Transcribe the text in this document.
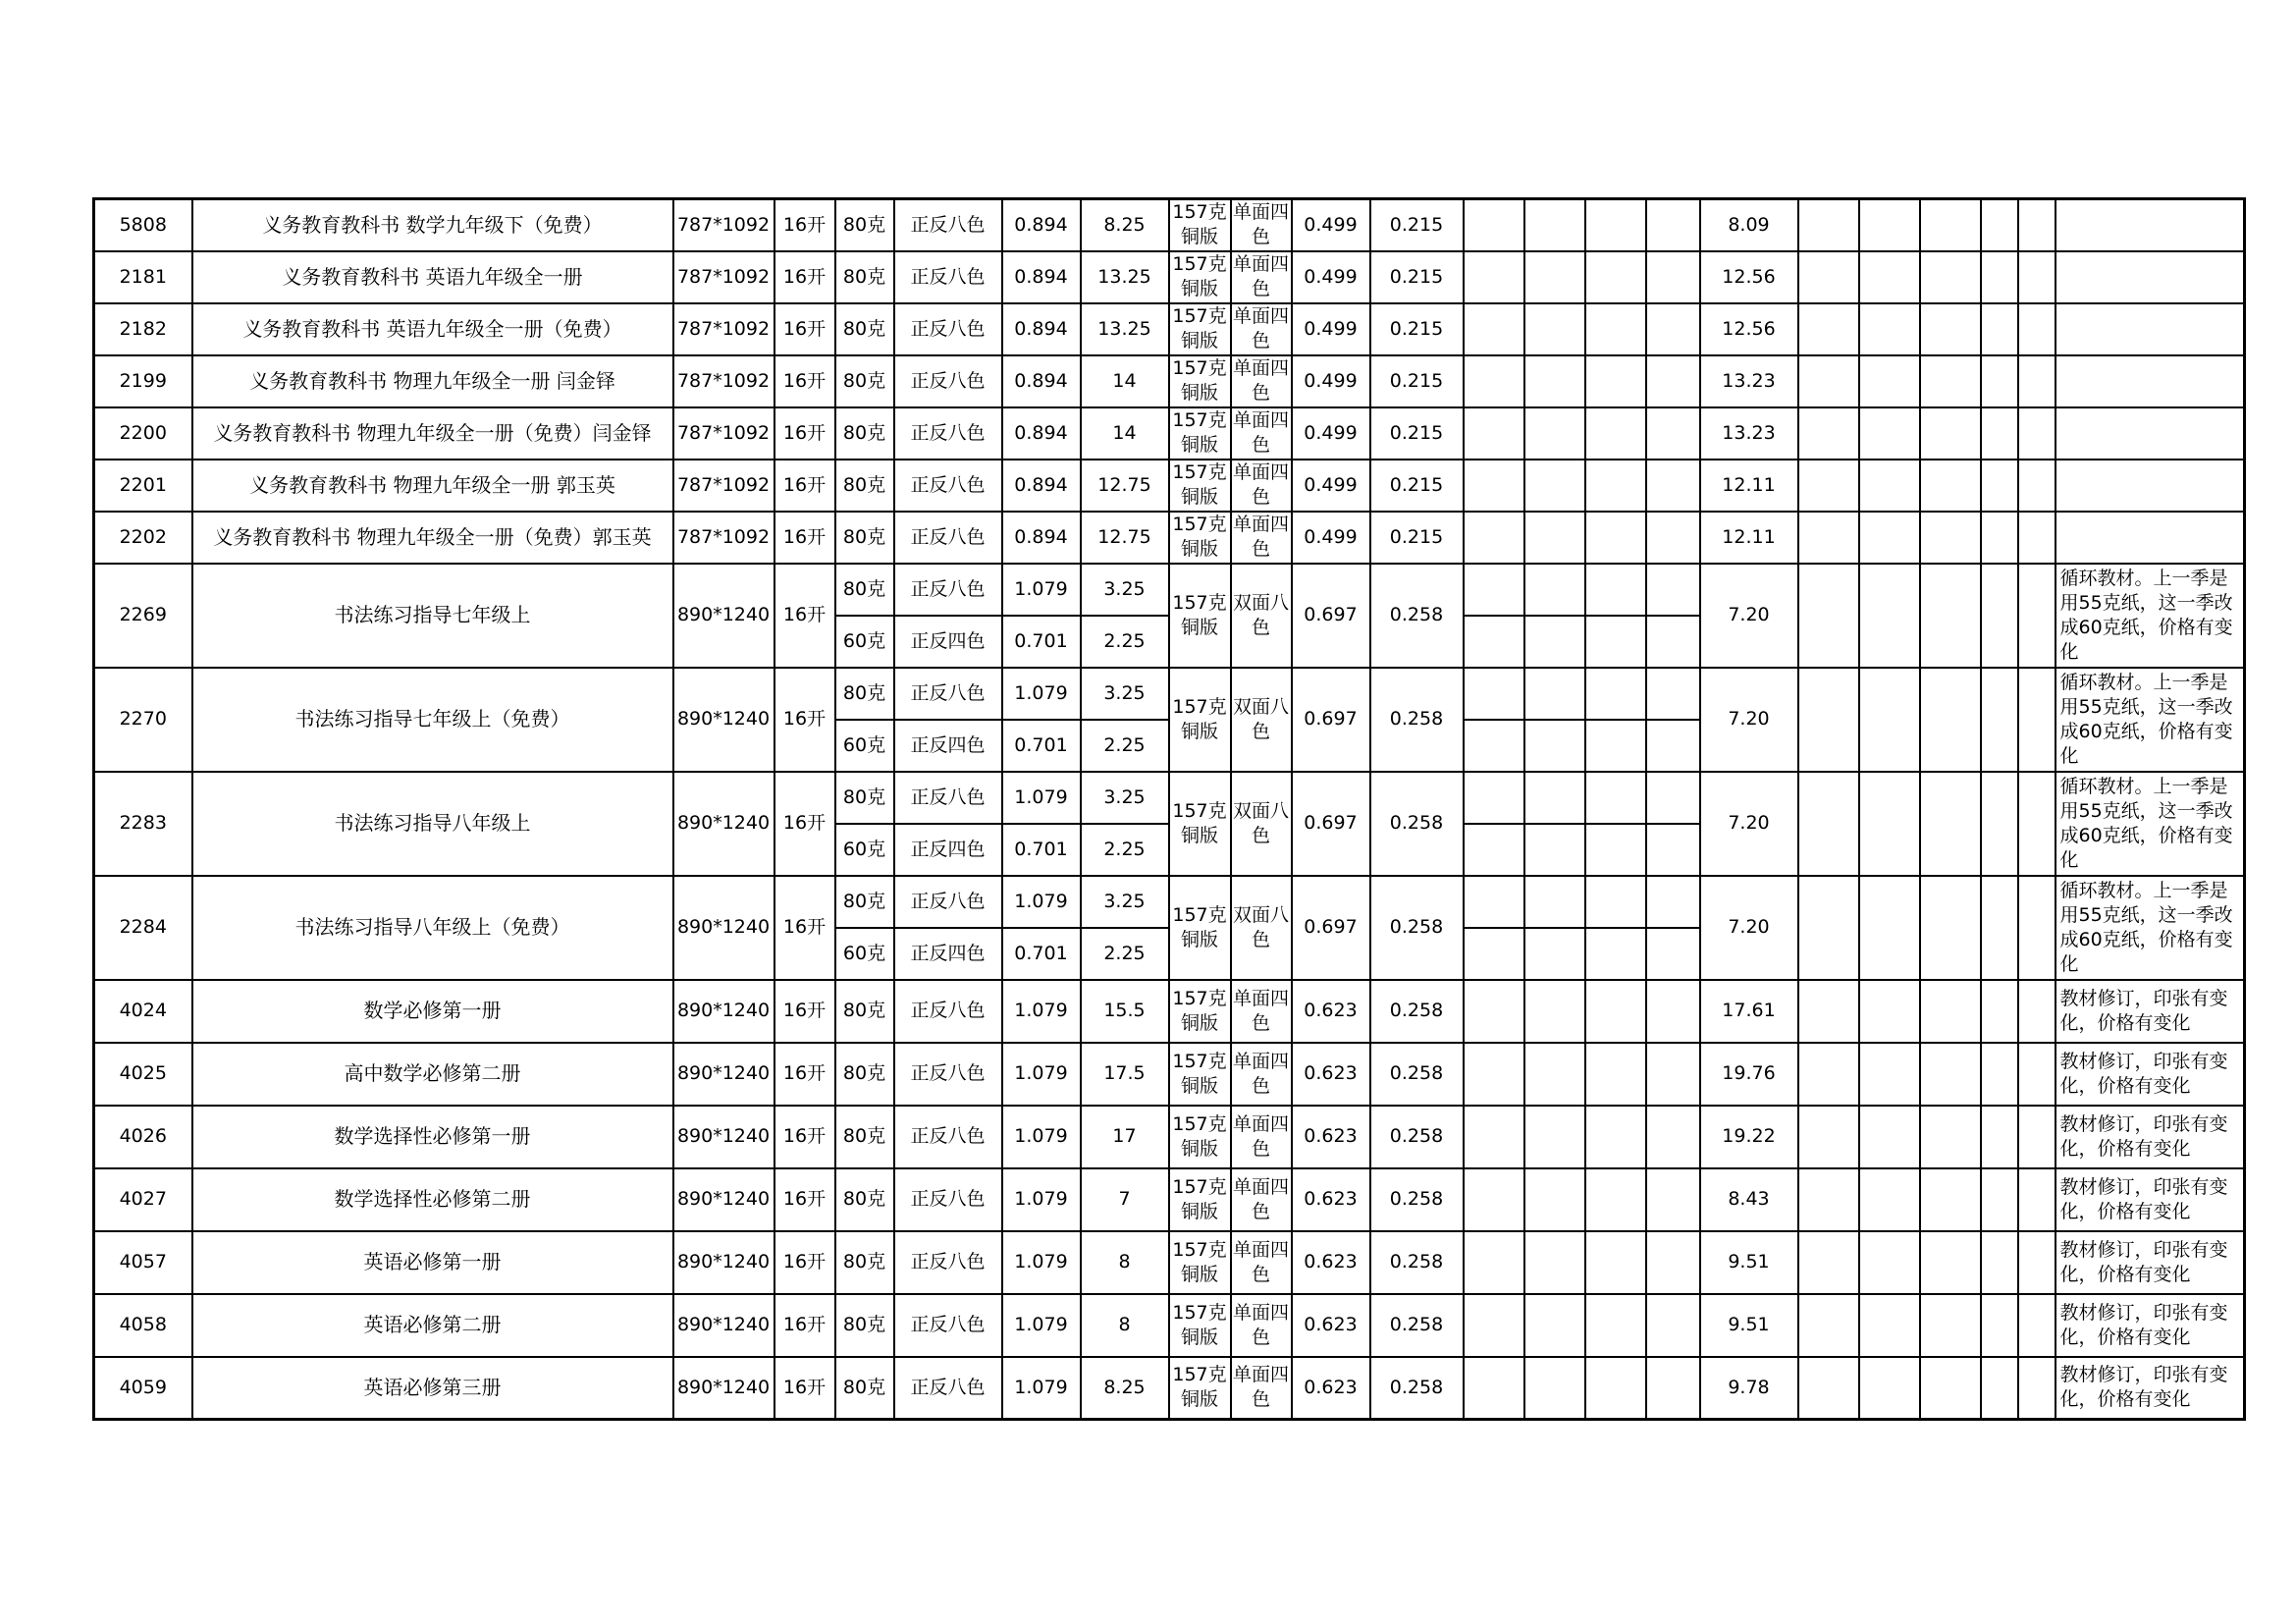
5808	义务教育教科书 数学九年级下（免费）	787*1092	16开	80克	正反八色	0.894	8.25	157克铜版	单面四色	0.499	0.215					8.09						
2181	义务教育教科书 英语九年级全一册	787*1092	16开	80克	正反八色	0.894	13.25	157克铜版	单面四色	0.499	0.215					12.56						
2182	义务教育教科书 英语九年级全一册（免费）	787*1092	16开	80克	正反八色	0.894	13.25	157克铜版	单面四色	0.499	0.215					12.56						
2199	义务教育教科书 物理九年级全一册 闫金铎	787*1092	16开	80克	正反八色	0.894	14	157克铜版	单面四色	0.499	0.215					13.23						
2200	义务教育教科书 物理九年级全一册（免费）闫金铎	787*1092	16开	80克	正反八色	0.894	14	157克铜版	单面四色	0.499	0.215					13.23						
2201	义务教育教科书 物理九年级全一册 郭玉英	787*1092	16开	80克	正反八色	0.894	12.75	157克铜版	单面四色	0.499	0.215					12.11						
2202	义务教育教科书 物理九年级全一册（免费）郭玉英	787*1092	16开	80克	正反八色	0.894	12.75	157克铜版	单面四色	0.499	0.215					12.11						
2269	书法练习指导七年级上	890*1240	16开	80克	正反八色	1.079	3.25	157克铜版	双面八色	0.697	0.258					7.20						循环教材。上一季是用55克纸，这一季改成60克纸，价格有变化
				60克	正反四色	0.701	2.25															
2270	书法练习指导七年级上（免费）	890*1240	16开	80克	正反八色	1.079	3.25	157克铜版	双面八色	0.697	0.258					7.20						循环教材。上一季是用55克纸，这一季改成60克纸，价格有变化
				60克	正反四色	0.701	2.25															
2283	书法练习指导八年级上	890*1240	16开	80克	正反八色	1.079	3.25	157克铜版	双面八色	0.697	0.258					7.20						循环教材。上一季是用55克纸，这一季改成60克纸，价格有变化
				60克	正反四色	0.701	2.25															
2284	书法练习指导八年级上（免费）	890*1240	16开	80克	正反八色	1.079	3.25	157克铜版	双面八色	0.697	0.258					7.20						循环教材。上一季是用55克纸，这一季改成60克纸，价格有变化
				60克	正反四色	0.701	2.25															
4024	数学必修第一册	890*1240	16开	80克	正反八色	1.079	15.5	157克铜版	单面四色	0.623	0.258					17.61						教材修订，印张有变化，价格有变化
4025	高中数学必修第二册	890*1240	16开	80克	正反八色	1.079	17.5	157克铜版	单面四色	0.623	0.258					19.76						教材修订，印张有变化，价格有变化
4026	数学选择性必修第一册	890*1240	16开	80克	正反八色	1.079	17	157克铜版	单面四色	0.623	0.258					19.22						教材修订，印张有变化，价格有变化
4027	数学选择性必修第二册	890*1240	16开	80克	正反八色	1.079	7	157克铜版	单面四色	0.623	0.258					8.43						教材修订，印张有变化，价格有变化
4057	英语必修第一册	890*1240	16开	80克	正反八色	1.079	8	157克铜版	单面四色	0.623	0.258					9.51						教材修订，印张有变化，价格有变化
4058	英语必修第二册	890*1240	16开	80克	正反八色	1.079	8	157克铜版	单面四色	0.623	0.258					9.51						教材修订，印张有变化，价格有变化
4059	英语必修第三册	890*1240	16开	80克	正反八色	1.079	8.25	157克铜版	单面四色	0.623	0.258					9.78						教材修订，印张有变化，价格有变化
